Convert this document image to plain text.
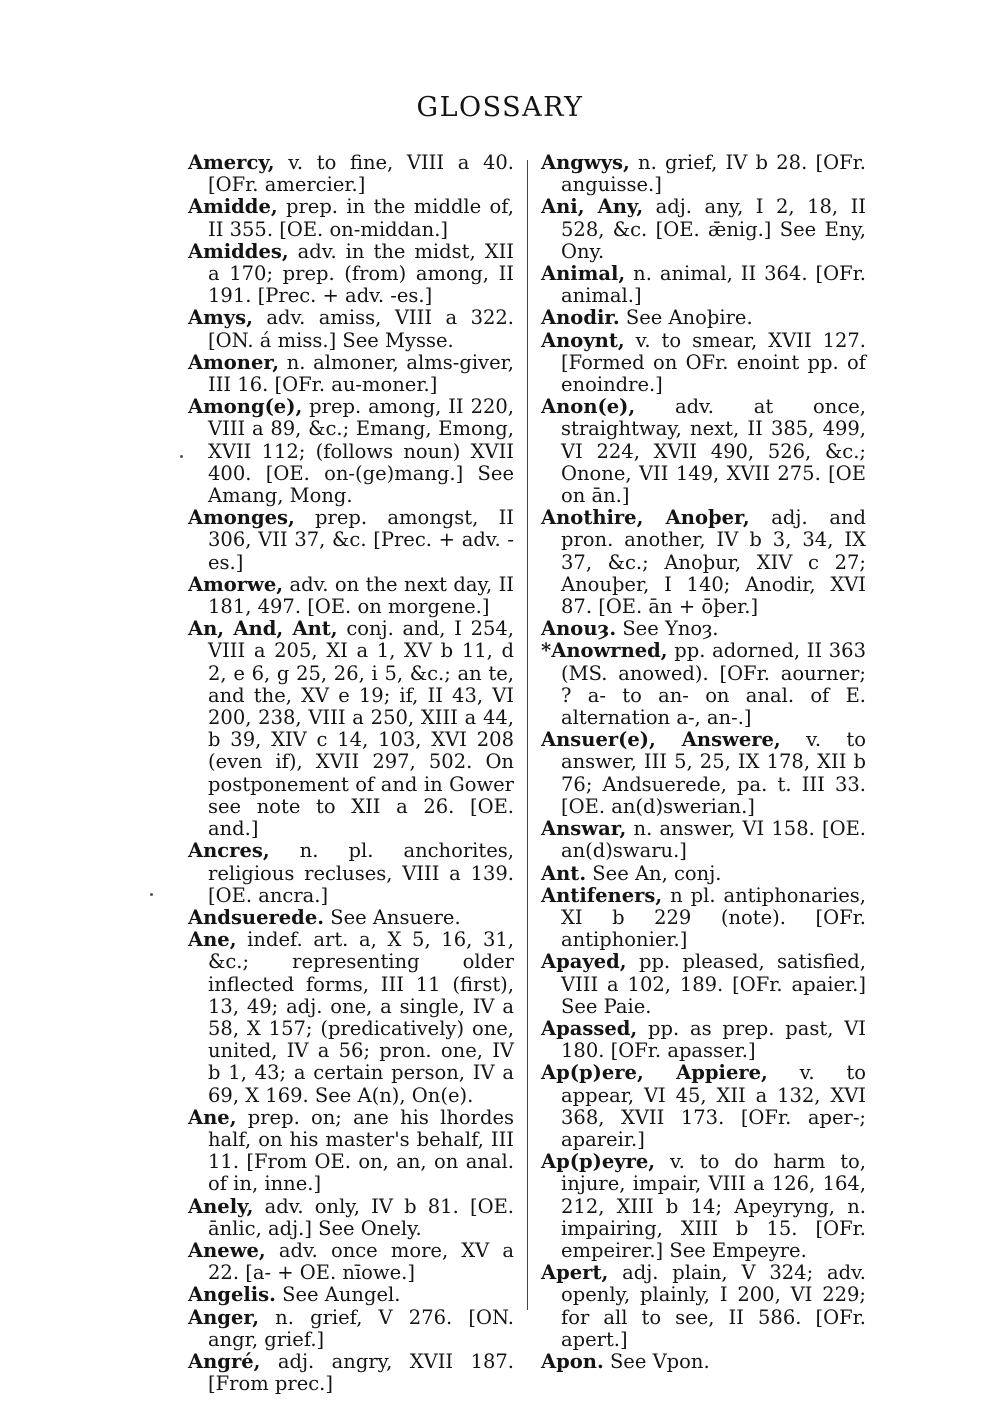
GLOSSARY

Amercy, v. to fine, VIII a 40. [OFr. amercier.]

Amidde, prep. in the middle of, II 355. [OE. on-middan.]

Amiddes, adv. in the midst, XII a 170; prep. (from) among, II 191. [Prec. + adv. -es.]

Amys, adv. amiss, VIII a 322. [ON. á miss.] See Mysse.

Amoner, n. almoner, alms-giver, III 16. [OFr. au-moner.]

Among(e), prep. among, II 220, VIII a 89, &c.; Emang, Emong, XVII 112; (follows noun) XVII 400. [OE. on-(ge)mang.] See Amang, Mong.

Amonges, prep. amongst, II 306, VII 37, &c. [Prec. + adv. -es.]

Amorwe, adv. on the next day, II 181, 497. [OE. on morgene.]

An, And, Ant, conj. and, I 254, VIII a 205, XI a 1, XV b 11, d 2, e 6, g 25, 26, i 5, &c.; an te, and the, XV e 19; if, II 43, VI 200, 238, VIII a 250, XIII a 44, b 39, XIV c 14, 103, XVI 208 (even if), XVII 297, 502. On postponement of and in Gower see note to XII a 26. [OE. and.]

Ancres, n. pl. anchorites, religious recluses, VIII a 139. [OE. ancra.]

Andsuerede. See Ansuere.

Ane, indef. art. a, X 5, 16, 31, &c.; representing older inflected forms, III 11 (first), 13, 49; adj. one, a single, IV a 58, X 157; (predicatively) one, united, IV a 56; pron. one, IV b 1, 43; a certain person, IV a 69, X 169. See A(n), On(e).

Ane, prep. on; ane his lhordes half, on his master's behalf, III 11. [From OE. on, an, on anal. of in, inne.]

Anely, adv. only, IV b 81. [OE. ānlic, adj.] See Onely.

Anewe, adv. once more, XV a 22. [a- + OE. nīowe.]

Angelis. See Aungel.

Anger, n. grief, V 276. [ON. angr, grief.]

Angré, adj. angry, XVII 187. [From prec.]

Angwys, n. grief, IV b 28. [OFr. anguisse.]

Ani, Any, adj. any, I 2, 18, II 528, &c. [OE. ǣnig.] See Eny, Ony.

Animal, n. animal, II 364. [OFr. animal.]

Anodir. See Anoþire.

Anoynt, v. to smear, XVII 127. [Formed on OFr. enoint pp. of enoindre.]

Anon(e), adv. at once, straightway, next, II 385, 499, VI 224, XVII 490, 526, &c.; Onone, VII 149, XVII 275. [OE on ān.]

Anothire, Anoþer, adj. and pron. another, IV b 3, 34, IX 37, &c.; Anoþur, XIV c 27; Anouþer, I 140; Anodir, XVI 87. [OE. ān + ōþer.]

Anouȝ. See Ynoȝ.

*Anowrned, pp. adorned, II 363 (MS. anowed). [OFr. aourner; ? a- to an- on anal. of E. alternation a-, an-.]

Ansuer(e), Answere, v. to answer, III 5, 25, IX 178, XII b 76; Andsuerede, pa. t. III 33. [OE. an(d)swerian.]

Answar, n. answer, VI 158. [OE. an(d)swaru.]

Ant. See An, conj.

Antifeners, n pl. antiphonaries, XI b 229 (note). [OFr. antiphonier.]

Apayed, pp. pleased, satisfied, VIII a 102, 189. [OFr. apaier.] See Paie.

Apassed, pp. as prep. past, VI 180. [OFr. apasser.]

Ap(p)ere, Appiere, v. to appear, VI 45, XII a 132, XVI 368, XVII 173. [OFr. aper-; apareir.]

Ap(p)eyre, v. to do harm to, injure, impair, VIII a 126, 164, 212, XIII b 14; Apeyryng, n. impairing, XIII b 15. [OFr. empeirer.] See Empeyre.

Apert, adj. plain, V 324; adv. openly, plainly, I 200, VI 229; for all to see, II 586. [OFr. apert.]

Apon. See Vpon.
